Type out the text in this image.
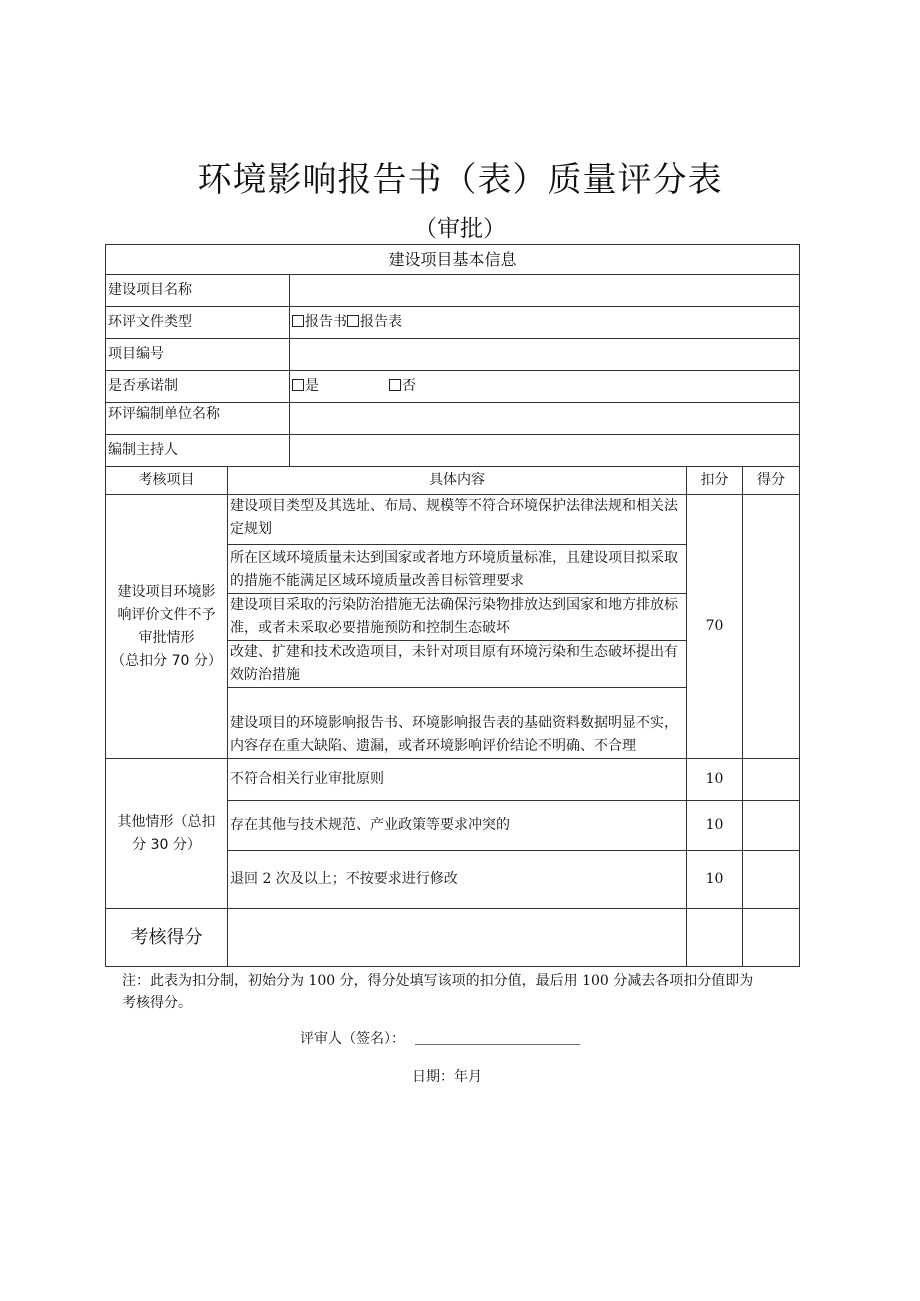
环境影响报告书（表）质量评分表
（审批）
建设项目基本信息				
建设项目名称				
环评文件类型		报告书 报告表		
项目编号				
是否承诺制		是 否		
环评编制单位名称				
编制主持人				
考核项目	具体内容		扣分	得分

建设项目环境影
响评价文件不予
审批情形
（总扣分 70 分）	建设项目类型及其选址、布局、规模等不符合环境保护法律法规和相关法定规划		70	
	所在区域环境质量未达到国家或者地方环境质量标准，且建设项目拟采取的措施不能满足区域环境质量改善目标管理要求			
	建设项目采取的污染防治措施无法确保污染物排放达到国家和地方排放标准，或者未采取必要措施预防和控制生态破坏			
	改建、扩建和技术改造项目，未针对项目原有环境污染和生态破坏提出有效防治措施			
	建设项目的环境影响报告书、环境影响报告表的基础资料数据明显不实，内容存在重大缺陷、遗漏，或者环境影响评价结论不明确、不合理			

其他情形（总扣
分 30 分）	不符合相关行业审批原则		10	
	存在其他与技术规范、产业政策等要求冲突的		10	
	退回 2 次及以上；不按要求进行修改		10	
考核得分				
注：此表为扣分制，初始分为 100 分，得分处填写该项的扣分值，最后用 100 分减去各项扣分值即为
考核得分。
评审人（签名）：
日期：年月
